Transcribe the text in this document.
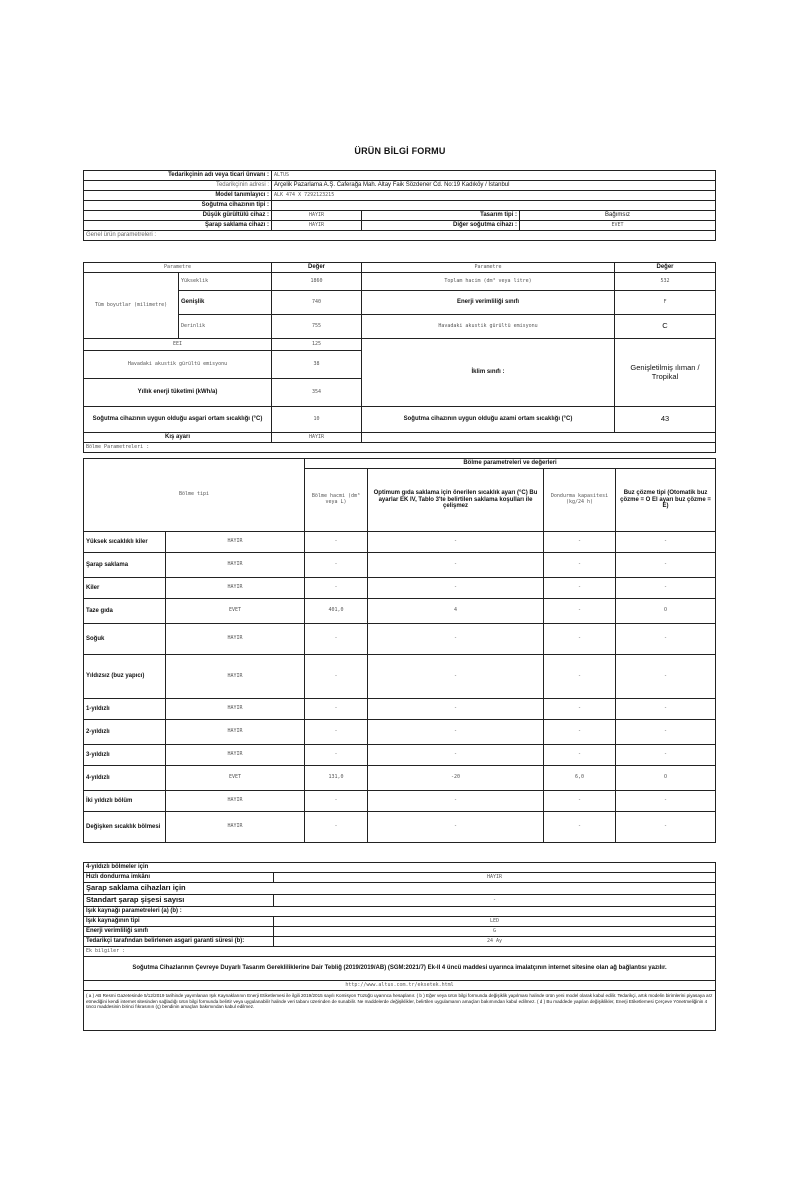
ÜRÜN BİLGİ FORMU
Tedarikçinin adı veya ticari ünvanı :	ALTUS		
Tedarikçinin adresi :	Arçelik Pazarlama A.Ş. Caferağa Mah. Altay Faik Sözdener Cd. No:19 Kadıköy / İstanbul		
Model tanımlayıcı :	ALK 474 X 7292123215		
Soğutma cihazının tipi :			
Düşük gürültülü cihaz :	HAYIR	Tasarım tipi :	Bağımsız
Şarap saklama cihazı :	HAYIR	Diğer soğutma cihazı :	EVET
Genel ürün parametreleri :			
Parametre		Değer	Parametre	Değer
Tüm boyutlar (milimetre)	Yükseklik	1860	Toplam hacim (dm³ veya litre)	532
	Genişlik	740	Enerji verimliliği sınıfı	F
	Derinlik	755	Havadaki akustik gürültü emisyonu	C
EEI		125	İklim sınıfı :	Genişletilmiş ılıman / Tropikal
Havadaki akustik gürültü emisyonu		38		
Yıllık enerji tüketimi (kWh/a)		354		
Soğutma cihazının uygun olduğu asgari ortam sıcaklığı (°C)		10	Soğutma cihazının uygun olduğu azami ortam sıcaklığı (°C)	43
Kış ayarı		HAYIR		
Bölme Parametreleri :				
Bölme tipi		Bölme parametreleri ve değerleri			
		Bölme hacmi (dm³ veya L)	Optimum gıda saklama için önerilen sıcaklık ayarı (°C) Bu ayarlar EK IV, Tablo 3'te belirtilen saklama koşulları ile çelişmez	Dondurma kapasitesi (kg/24 h)	Buz çözme tipi (Otomatik buz çözme = O El ayarı buz çözme = E)
Yüksek sıcaklıklı kiler	HAYIR	-	-	-	-
Şarap saklama	HAYIR	-	-	-	-
Kiler	HAYIR	-	-	-	-
Taze gıda	EVET	401,0	4	-	O
Soğuk	HAYIR	-	-	-	-
Yıldızsız (buz yapıcı)	HAYIR	-	-	-	-
1-yıldızlı	HAYIR	-	-	-	-
2-yıldızlı	HAYIR	-	-	-	-
3-yıldızlı	HAYIR	-	-	-	-
4-yıldızlı	EVET	131,0	-20	6,0	O
İki yıldızlı bölüm	HAYIR	-	-	-	-
Değişken sıcaklık bölmesi	HAYIR	-	-	-	-
4-yıldızlı bölmeler için	
Hızlı dondurma imkânı	HAYIR
Şarap saklama cihazları için	
Standart şarap şişesi sayısı	-
Işık kaynağı parametreleri (a) (b) :	
Işık kaynağının tipi	LED
Enerji verimliliği sınıfı	G
Tedarikçi tarafından belirlenen asgari garanti süresi (b):	24 Ay
Ek bilgiler :	
Soğutma Cihazlarının Çevreye Duyarlı Tasarım Gerekliliklerine Dair Tebliğ (2019/2019/AB) (SGM:2021/7) Ek-II 4 üncü maddesi uyarınca imalatçının internet sitesine olan ağ bağlantısı yazılır.	
http://www.altus.com.tr/eksetek.html	
( a ) AB Resmi Gazetesinde 5/12/2019 tarihinde yayımlanan Işık Kaynaklarının Enerji Etiketlemesi ile ilgili 2019/2015 sayılı Komisyon Tüzüğü uyarınca hesaplanır. ( b ) Eğer veya ürün bilgi formunda değişiklik yapılması halinde ürün yeni model olarak kabul edilir. Tedarikçi, artık modelin birimlerini piyasaya arz etmediğini kendi internet sitesinden sağladığı ürün bilgi formunda belirtir veya uygulanabilir halinde veri tabanı üzerinden de sunabilir. Ne maddelerde değişiklikler, belirtilen uygulamanın amaçları bakımından kabul edilmez. ( d ) Bu maddede yapılan değişiklikler, Enerji Etiketlemesi Çerçeve Yönetmeliğinin 4 üncü maddesinin birinci fıkrasının (ç) bendinin amaçları bakımından kabul edilmez.	
